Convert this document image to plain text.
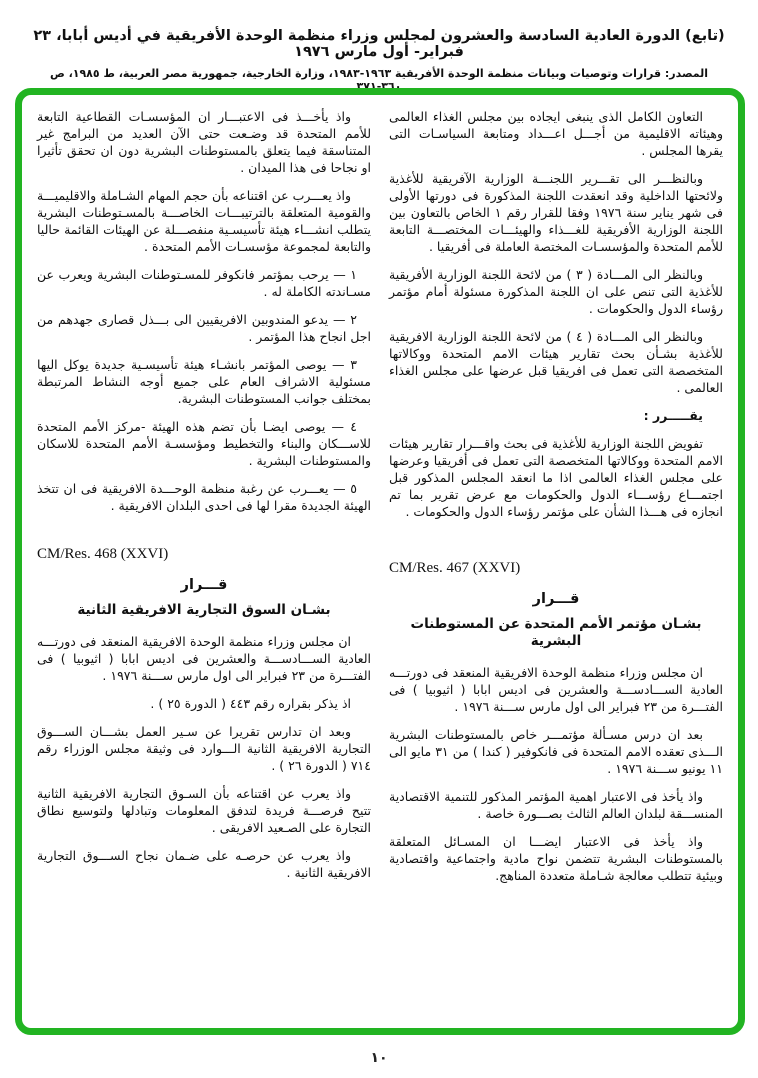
(تابع) الدورة العادية السادسة والعشرون لمجلس وزراء منظمة الوحدة الأفريقية في أديس أبابا، ٢٣ فبراير- أول مارس ١٩٧٦
المصدر: قرارات وتوصيات وبيانات منظمة الوحدة الأفريقية ١٩٦٣-١٩٨٣، وزارة الخارجية، جمهورية مصر العربية، ط ١٩٨٥، ص ٣٦٠-٣٧١

التعاون الكامل الذى ينبغى ايجاده بين مجلس الغذاء العالمى وهيئاته الاقليمية من أجـــل اعـــداد ومتابعة السياسـات التى يقرها المجلس .

وبالنظـــر الى تقـــرير اللجنـــة الوزارية الآفريقية للأغذية ولائحتها الداخلية وقد انعقدت اللجنة المذكورة فى دورتها الأولى فى شهر يناير سنة ١٩٧٦ وفقا للقرار رقم ١ الخاص بالتعاون بين اللجنة الوزارية الأفريقية للغـــذاء والهيئـــات المختصـــة التابعة للأمم المتحدة والمؤسسـات المختصة العاملة فى أفريقيا .

وبالنظر الى المـــادة ( ٣ ) من لائحة اللجنة الوزارية الأفريقية للأغذية التى تنص على ان اللجنة المذكورة مسئولة أمام مؤتمر رؤساء الدول والحكومات .

وبالنظر الى المـــادة ( ٤ ) من لائحة اللجنة الوزارية الافريقية للأغذية بشـأن بحث تقارير هيئات الامم المتحدة ووكالاتها المتخصصة التى تعمل فى افريقيا قبل عرضها على مجلس الغذاء العالمى .

يقـــــرر :

تفويض اللجنة الوزارية للأغذية فى بحث واقـــرار تقارير هيئات الامم المتحدة ووكالاتها المتخصصة التى تعمل فى أفريقيا وعرضها على مجلس الغذاء العالمى اذا ما انعقد المجلس المذكور قبل اجتمـــاع رؤســـاء الدول والحكومات مع عرض تقرير بما تم انجازه فى هـــذا الشأن على مؤتمر رؤساء الدول والحكومات .

CM/Res. 467 (XXVI)
قـــرار
بشـان مؤتمر الأمم المتحدة عن المستوطنات البشرية

ان مجلس وزراء منظمة الوحدة الافريقية المنعقد فى دورتـــه العادية الســـادســـة والعشرين فى اديس ابابا ( اثيوبيا ) فى الفتـــرة من ٢٣ فبراير الى اول مارس ســـنة ١٩٧٦ .

بعد ان درس مسـألة مؤتمـــر خاص بالمستوطنات البشرية الـــذى تعقده الامم المتحدة فى فانكوفير ( كندا ) من ٣١ مايو الى ١١ يونيو ســـنة ١٩٧٦ .

واذ يأخذ فى الاعتبار اهمية المؤتمر المذكور للتنمية الاقتصادية المنســـقة لبلدان العالم الثالث بصـــورة خاصة .

واذ يأخذ فى الاعتبار ايضـــا ان المسـائل المتعلقة بالمستوطنات البشرية تتضمن نواح مادية واجتماعية واقتصادية وبيئية تتطلب معالجة شـاملة متعددة المناهج.

واذ يأخـــذ فى الاعتبـــار ان المؤسسـات القطاعية التابعة للأمم المتحدة قد وضـعت حتى الآن العديد من البرامج غير المتناسقة فيما يتعلق بالمستوطنات البشرية دون ان تحقق تأثيرا او نجاحا فى هذا الميدان .

واذ يعـــرب عن اقتناعه بأن حجم المهام الشـاملة والاقليميـــة والقومية المتعلقة بالترتيبـــات الخاصـــة بالمسـتوطنات البشرية يتطلب انشـــاء هيئة تأسيسـية منفصـــلة عن الهيئات القائمة حاليا والتابعة لمجموعة مؤسسـات الأمم المتحدة .

١ — يرحب بمؤتمر فانكوفر للمسـتوطنات البشرية ويعرب عن مسـاندته الكاملة له .

٢ — يدعو المندوبين الافريقيين الى بـــذل قصارى جهدهم من اجل انجاح هذا المؤتمر .

٣ — يوصى المؤتمر بانشـاء هيئة تأسيسـية جديدة يوكل اليها مسئولية الاشراف العام على جميع أوجه النشاط المرتبطة بمختلف جوانب المستوطنات البشرية.

٤ — يوصى ايضـا بأن تضم هذه الهيئة -مركز الأمم المتحدة للاســـكان والبناء والتخطيط ومؤسسـة الأمم المتحدة للاسكان والمستوطنات البشرية .

٥ — يعـــرب عن رغبة منظمة الوحـــدة الافريقية فى ان تتخذ الهيئة الجديدة مقرا لها فى احدى البلدان الافريقية .

CM/Res. 468 (XXVI)
قـــرار
بشـان السوق التجارية الافريقية الثانية

ان مجلس وزراء منظمة الوحدة الافريقية المنعقد فى دورتـــه العادية الســـادســـة والعشرين فى اديس ابابا ( اثيوبيا ) فى الفتـــرة من ٢٣ فبراير الى اول مارس ســـنة ١٩٧٦ .

اذ يذكر بقراره رقم ٤٤٣ ( الدورة ٢٥ ) .

وبعد ان تدارس تقريرا عن سـير العمل بشـــان الســـوق التجارية الافريقية الثانية الـــوارد فى وثيقة مجلس الوزراء رقم ٧١٤ ( الدورة ٢٦ ) .

واذ يعرب عن اقتناعه بأن السـوق التجارية الافريقية الثانية تتيح فرصـــة فريدة لتدفق المعلومات وتبادلها ولتوسيع نطاق التجارة على الصـعيد الافريقى .

واذ يعرب عن حرصـه على ضـمان نجاح الســـوق التجارية الافريقية الثانية .

١٠
